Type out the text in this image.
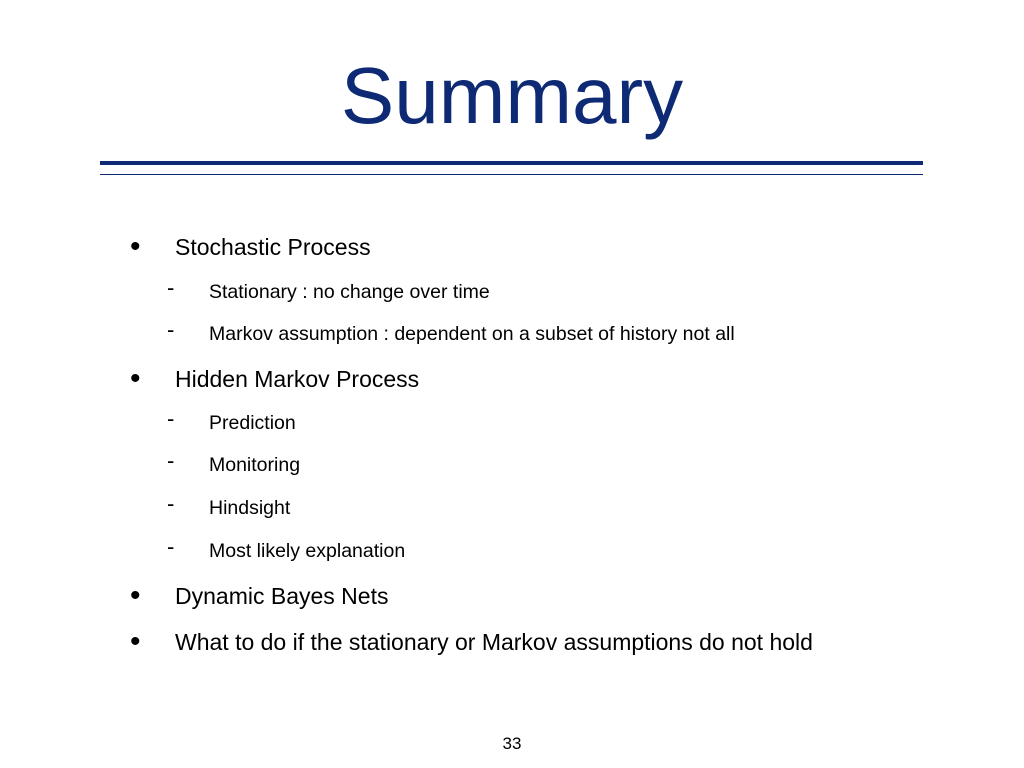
Summary
• Stochastic Process
- Stationary : no change over time
- Markov assumption : dependent on a subset of history not all
• Hidden Markov Process
- Prediction
- Monitoring
- Hindsight
- Most likely explanation
• Dynamic Bayes Nets
• What to do if the stationary or Markov assumptions do not hold
33
